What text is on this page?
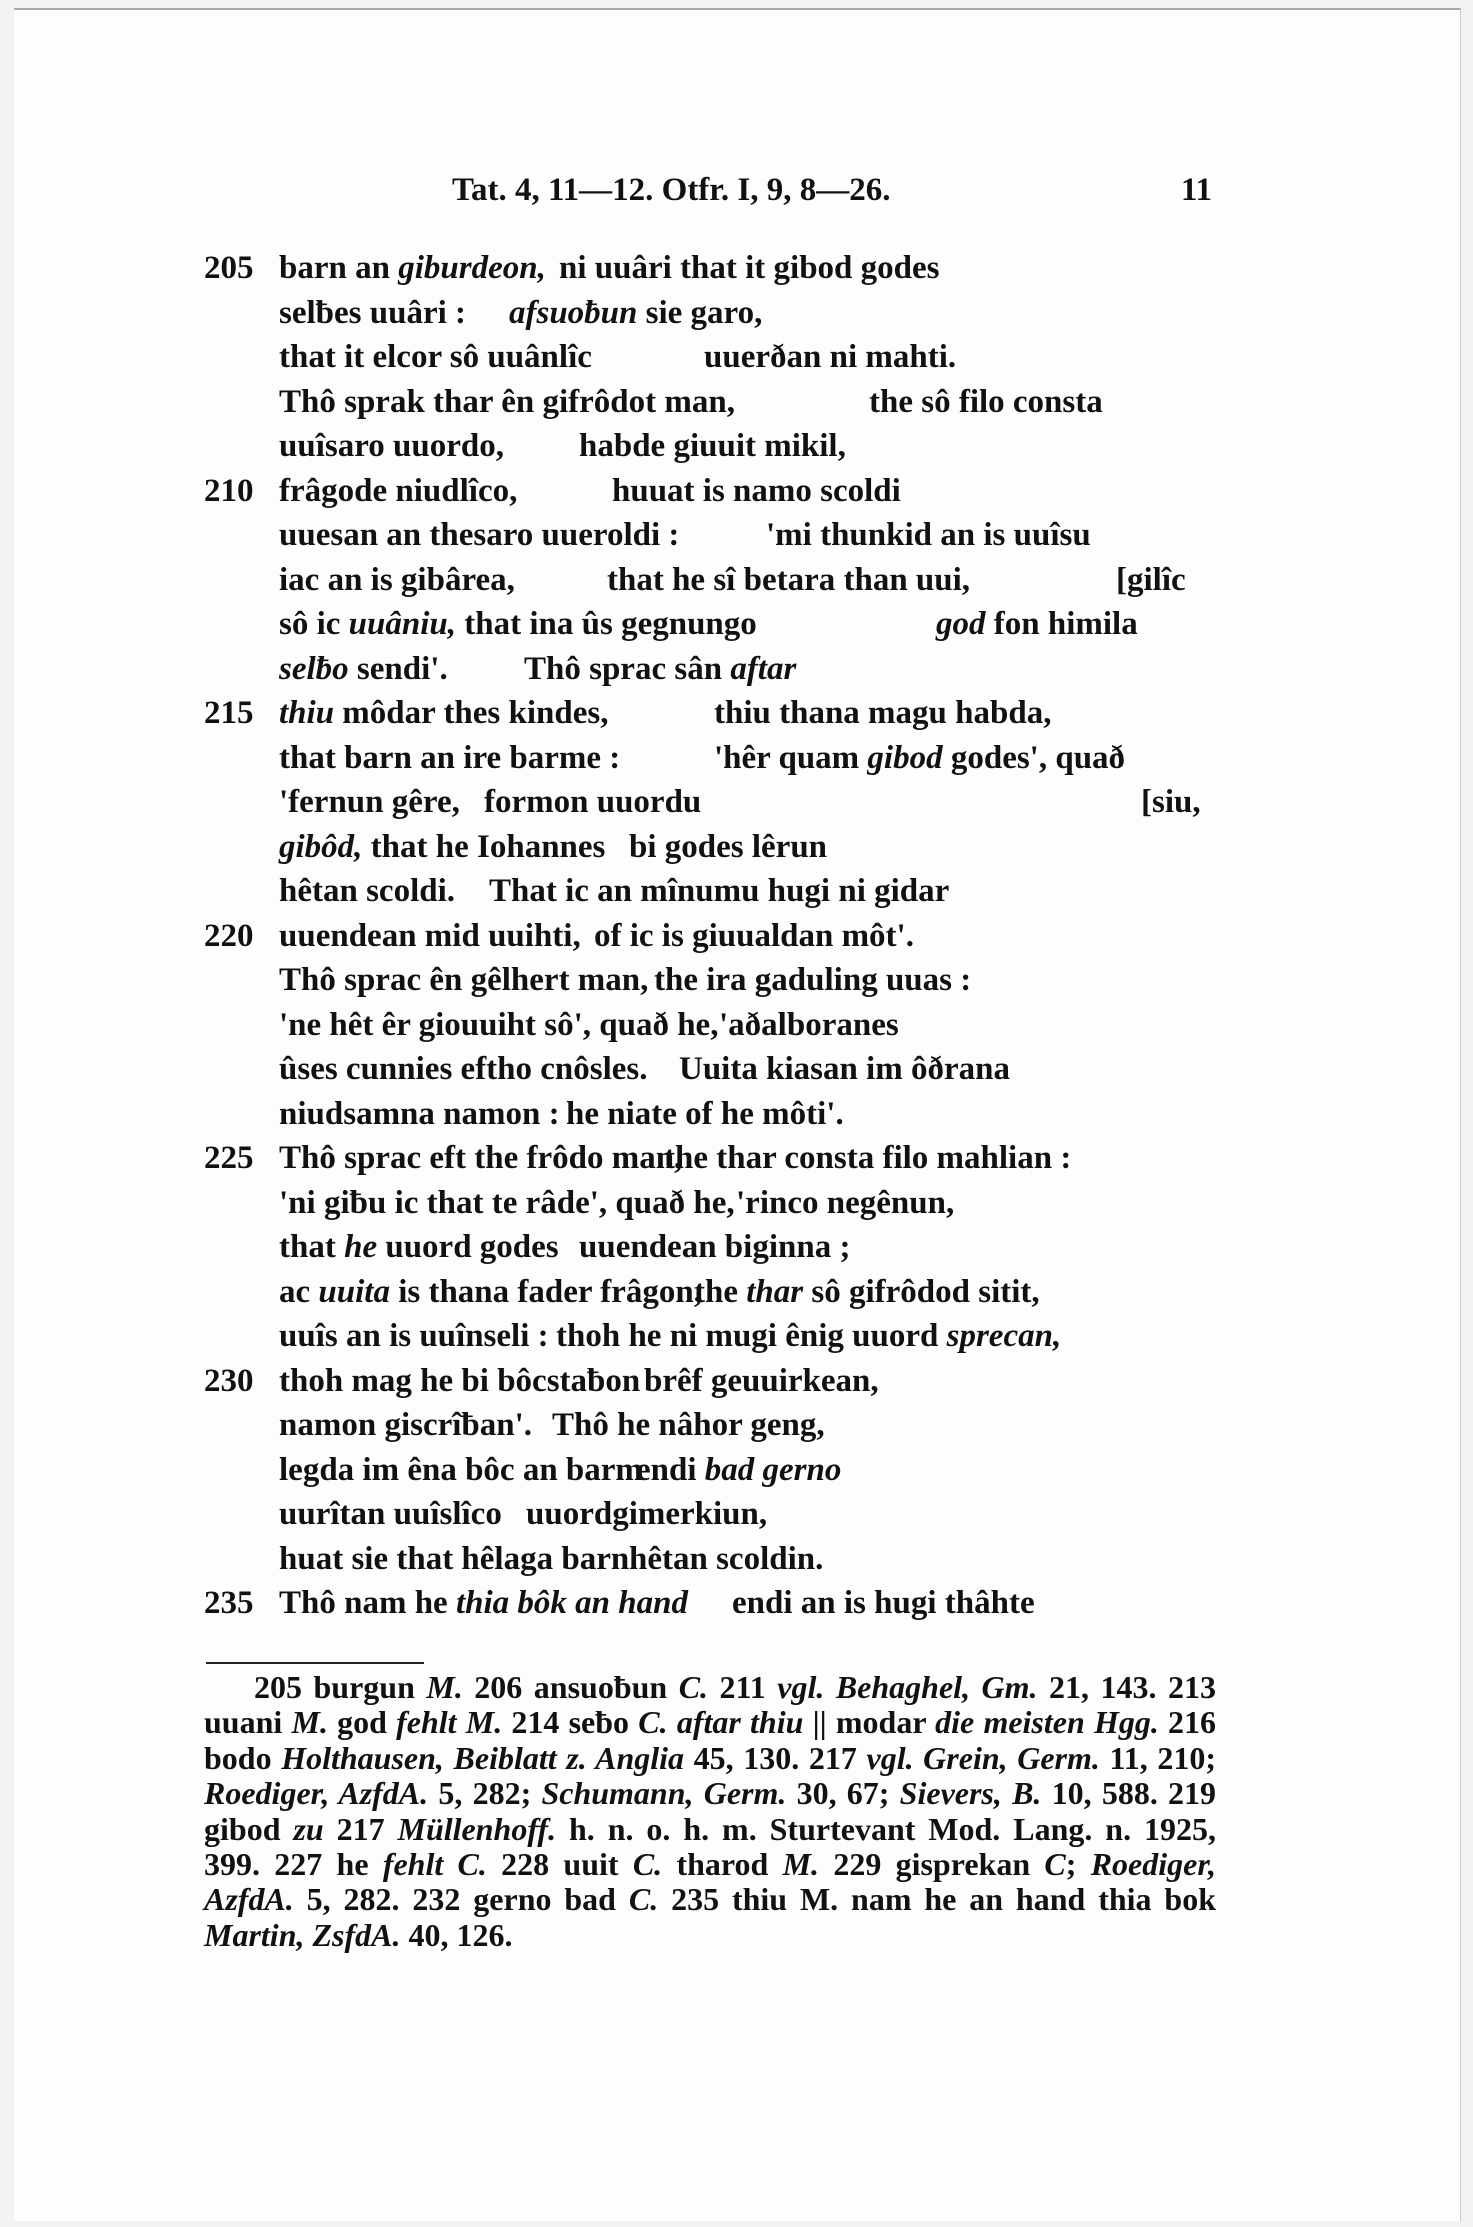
Tat. 4, 11—12. Otfr. I, 9, 8—26.	11
205 barn an giburdeon, ni uuâri that it gibod godes
selƀes uuâri : afsuoƀun sie garo,
that it elcor sô uuânlîc	uuerðan ni mahti.
Thô sprak thar ên gifrôdot man,	the sô filo consta
uuîsaro uuordo, habde giuuit mikil,
210 frâgode niudlîco,	huuat is namo scoldi
uuesan an thesaro uueroldi :	'mi thunkid an is uuîsu
iac an is gibârea,	that he sî betara than uui,	[gilîc
sô ic uuâniu, that ina ûs gegnungo	god fon himila
selƀo sendi'. Thô sprac sân aftar
215 thiu môdar thes kindes,	thiu thana magu habda,
that barn an ire barme :	'hêr quam gibod godes', quað
'fernun gêre, formon uuordu	[siu,
gibôd, that he Iohannes bi godes lêrun
hêtan scoldi. That ic an mînumu hugi ni gidar
220 uuendean mid uuihti, of ic is giuualdan môt'.
Thô sprac ên gêlhert man, the ira gaduling uuas :
'ne hêt êr giouuiht sô', quað he, 'aðalboranes
ûses cunnies eftho cnôsles. Uuita kiasan im ôðrana
niudsamna namon : he niate of he môti'.
225 Thô sprac eft the frôdo man,
the thar consta filo mahlian :
'ni giƀu ic that te râde', quað he, 'rinco negênun,
that he uuord godes uuendean biginna ;
ac uuita is thana fader frâgon,
the thar sô gifrôdod sitit,
uuîs an is uuînseli : thoh he ni mugi ênig uuord sprecan,
230 thoh mag he bi bôcstaƀon brêf geuuirkean,
namon giscrîƀan'. Thô he nâhor geng,
legda im êna bôc an barm
endi bad gerno
uurîtan uuîslîco uuordgimerkiun,
huat sie that hêlaga barn hêtan scoldin.
235 Thô nam he thia bôk an hand endi an is hugi thâhte
205 burgun M. 206 ansuoƀun C. 211 vgl. Behaghel, Gm. 21, 143. 213 uuani M. god fehlt M. 214 seƀo C. aftar thiu || modar die meisten Hgg. 216 bodo Holthausen, Beiblatt z. Anglia 45, 130. 217 vgl. Grein, Germ. 11, 210; Roediger, AzfdA. 5, 282; Schumann, Germ. 30, 67; Sievers, B. 10, 588. 219 gibod zu 217 Müllenhoff. h. n. o. h. m. Sturtevant Mod. Lang. n. 1925, 399. 227 he fehlt C. 228 uuit C. tharod M. 229 gisprekan C; Roediger, AzfdA. 5, 282. 232 gerno bad C. 235 thiu M. nam he an hand thia bok Martin, ZsfdA. 40, 126.
